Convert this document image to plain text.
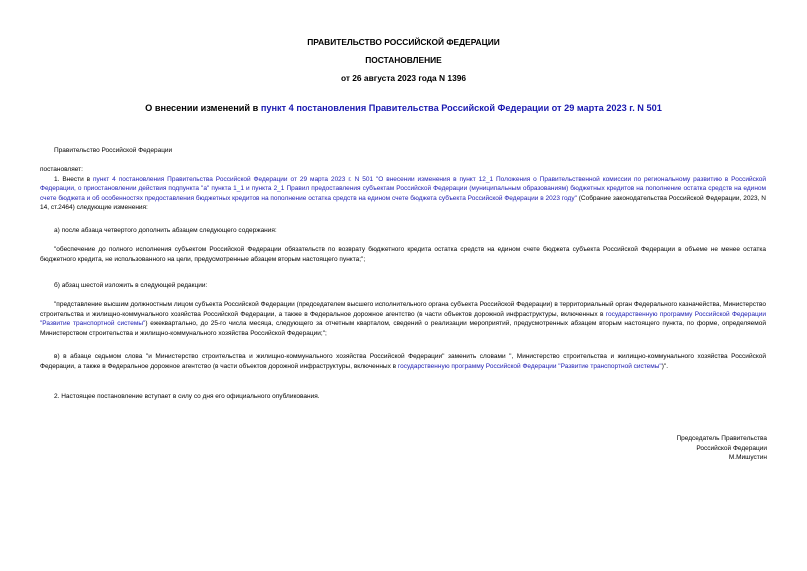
ПРАВИТЕЛЬСТВО РОССИЙСКОЙ ФЕДЕРАЦИИ
ПОСТАНОВЛЕНИЕ
от 26 августа 2023 года N 1396
О внесении изменений в пункт 4 постановления Правительства Российской Федерации от 29 марта 2023 г. N 501
Правительство Российской Федерации
постановляет:
1. Внести в пункт 4 постановления Правительства Российской Федерации от 29 марта 2023 г. N 501 "О внесении изменения в пункт 12_1 Положения о Правительственной комиссии по региональному развитию в Российской Федерации, о приостановлении действия подпункта "а" пункта 1_1 и пункта 2_1 Правил предоставления субъектам Российской Федерации (муниципальным образованиям) бюджетных кредитов на пополнение остатка средств на едином счете бюджета и об особенностях предоставления бюджетных кредитов на пополнение остатка средств на едином счете бюджета субъекта Российской Федерации в 2023 году" (Собрание законодательства Российской Федерации, 2023, N 14, ст.2464) следующие изменения:
а) после абзаца четвертого дополнить абзацем следующего содержания:
"обеспечение до полного исполнения субъектом Российской Федерации обязательств по возврату бюджетного кредита остатка средств на едином счете бюджета субъекта Российской Федерации в объеме не менее остатка бюджетного кредита, не использованного на цели, предусмотренные абзацем вторым настоящего пункта;";
б) абзац шестой изложить в следующей редакции:
"представление высшим должностным лицом субъекта Российской Федерации (председателем высшего исполнительного органа субъекта Российской Федерации) в территориальный орган Федерального казначейства, Министерство строительства и жилищно-коммунального хозяйства Российской Федерации, а также в Федеральное дорожное агентство (в части объектов дорожной инфраструктуры, включенных в государственную программу Российской Федерации "Развитие транспортной системы") ежеквартально, до 25-го числа месяца, следующего за отчетным кварталом, сведений о реализации мероприятий, предусмотренных абзацем вторым настоящего пункта, по форме, определяемой Министерством строительства и жилищно-коммунального хозяйства Российской Федерации;";
в) в абзаце седьмом слова "и Министерство строительства и жилищно-коммунального хозяйства Российской Федерации" заменить словами ", Министерство строительства и жилищно-коммунального хозяйства Российской Федерации, а также в Федеральное дорожное агентство (в части объектов дорожной инфраструктуры, включенных в государственную программу Российской Федерации "Развитие транспортной системы")".
2. Настоящее постановление вступает в силу со дня его официального опубликования.
Председатель Правительства
Российской Федерации
М.Мишустин
